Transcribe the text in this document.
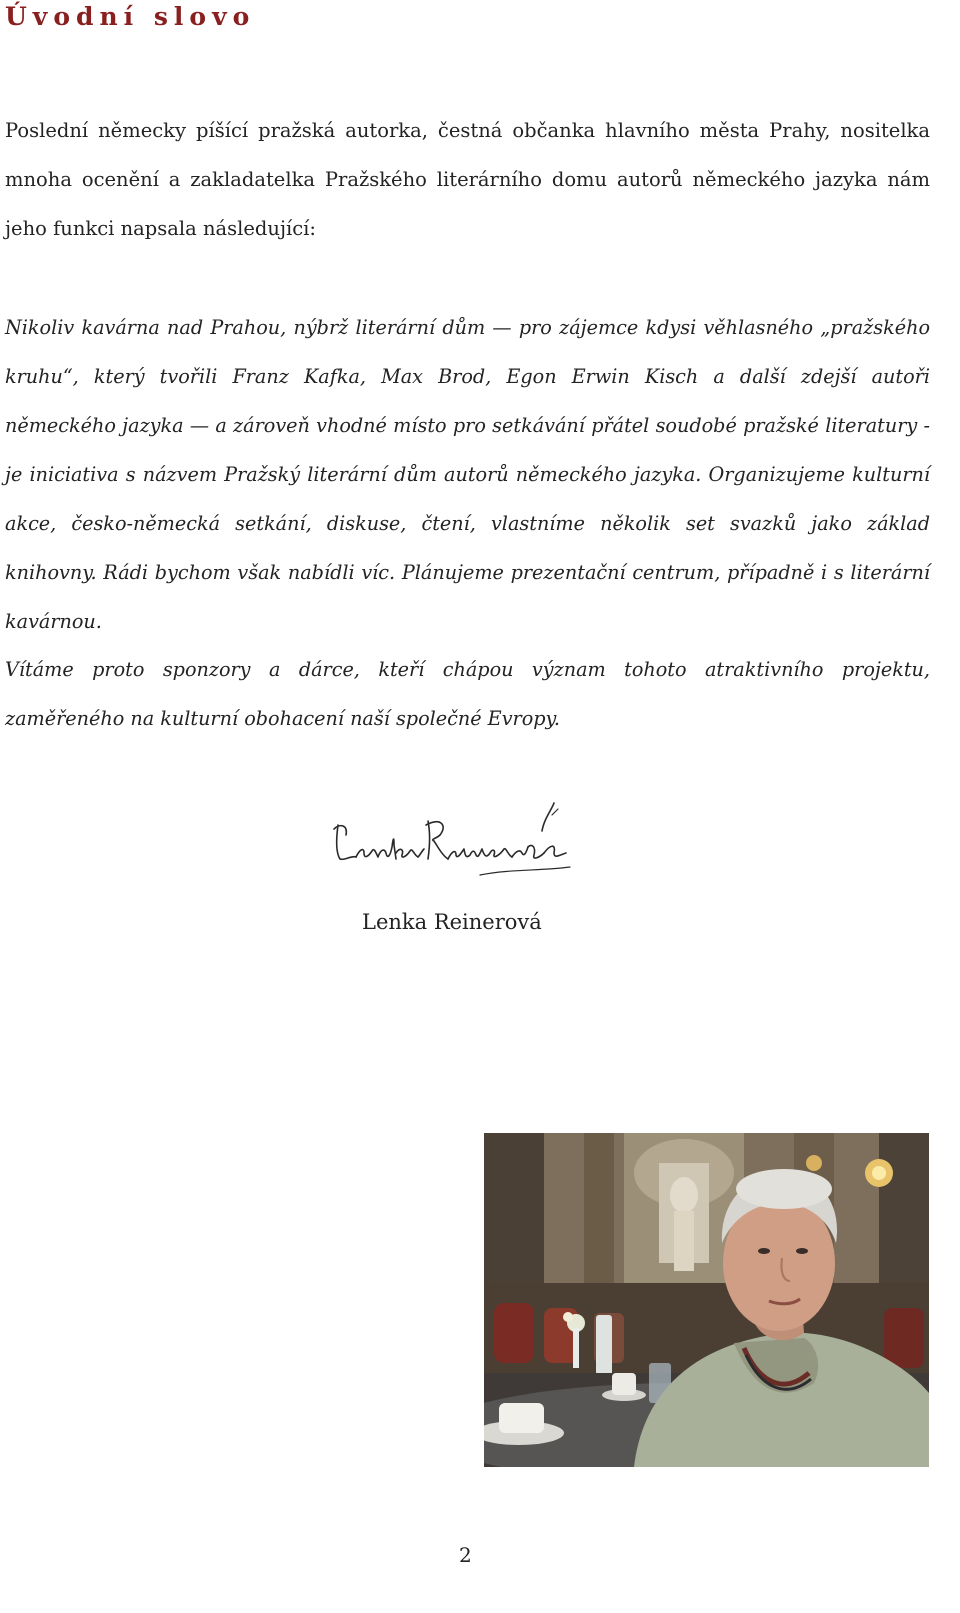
Úvodní slovo

Poslední německy píšící pražská autorka, čestná občanka hlavního města Prahy, nositelka mnoha ocenění a zakladatelka Pražského literárního domu autorů německého jazyka nám jeho funkci napsala následující:

Nikoliv kavárna nad Prahou, nýbrž literární dům — pro zájemce kdysi věhlasného „pražského kruhu“, který tvořili Franz Kafka, Max Brod, Egon Erwin Kisch a další zdejší autoři německého jazyka — a zároveň vhodné místo pro setkávání přátel soudobé pražské literatury - je iniciativa s názvem Pražský literární dům autorů německého jazyka. Organizujeme kulturní akce, česko-německá setkání, diskuse, čtení, vlastníme několik set svazků jako základ knihovny. Rádi bychom však nabídli víc. Plánujeme prezentační centrum, případně i s literární kavárnou.

Vítáme proto sponzory a dárce, kteří chápou význam tohoto atraktivního projektu, zaměřeného na kulturní obohacení naší společné Evropy.

Lenka Reinerová

2
